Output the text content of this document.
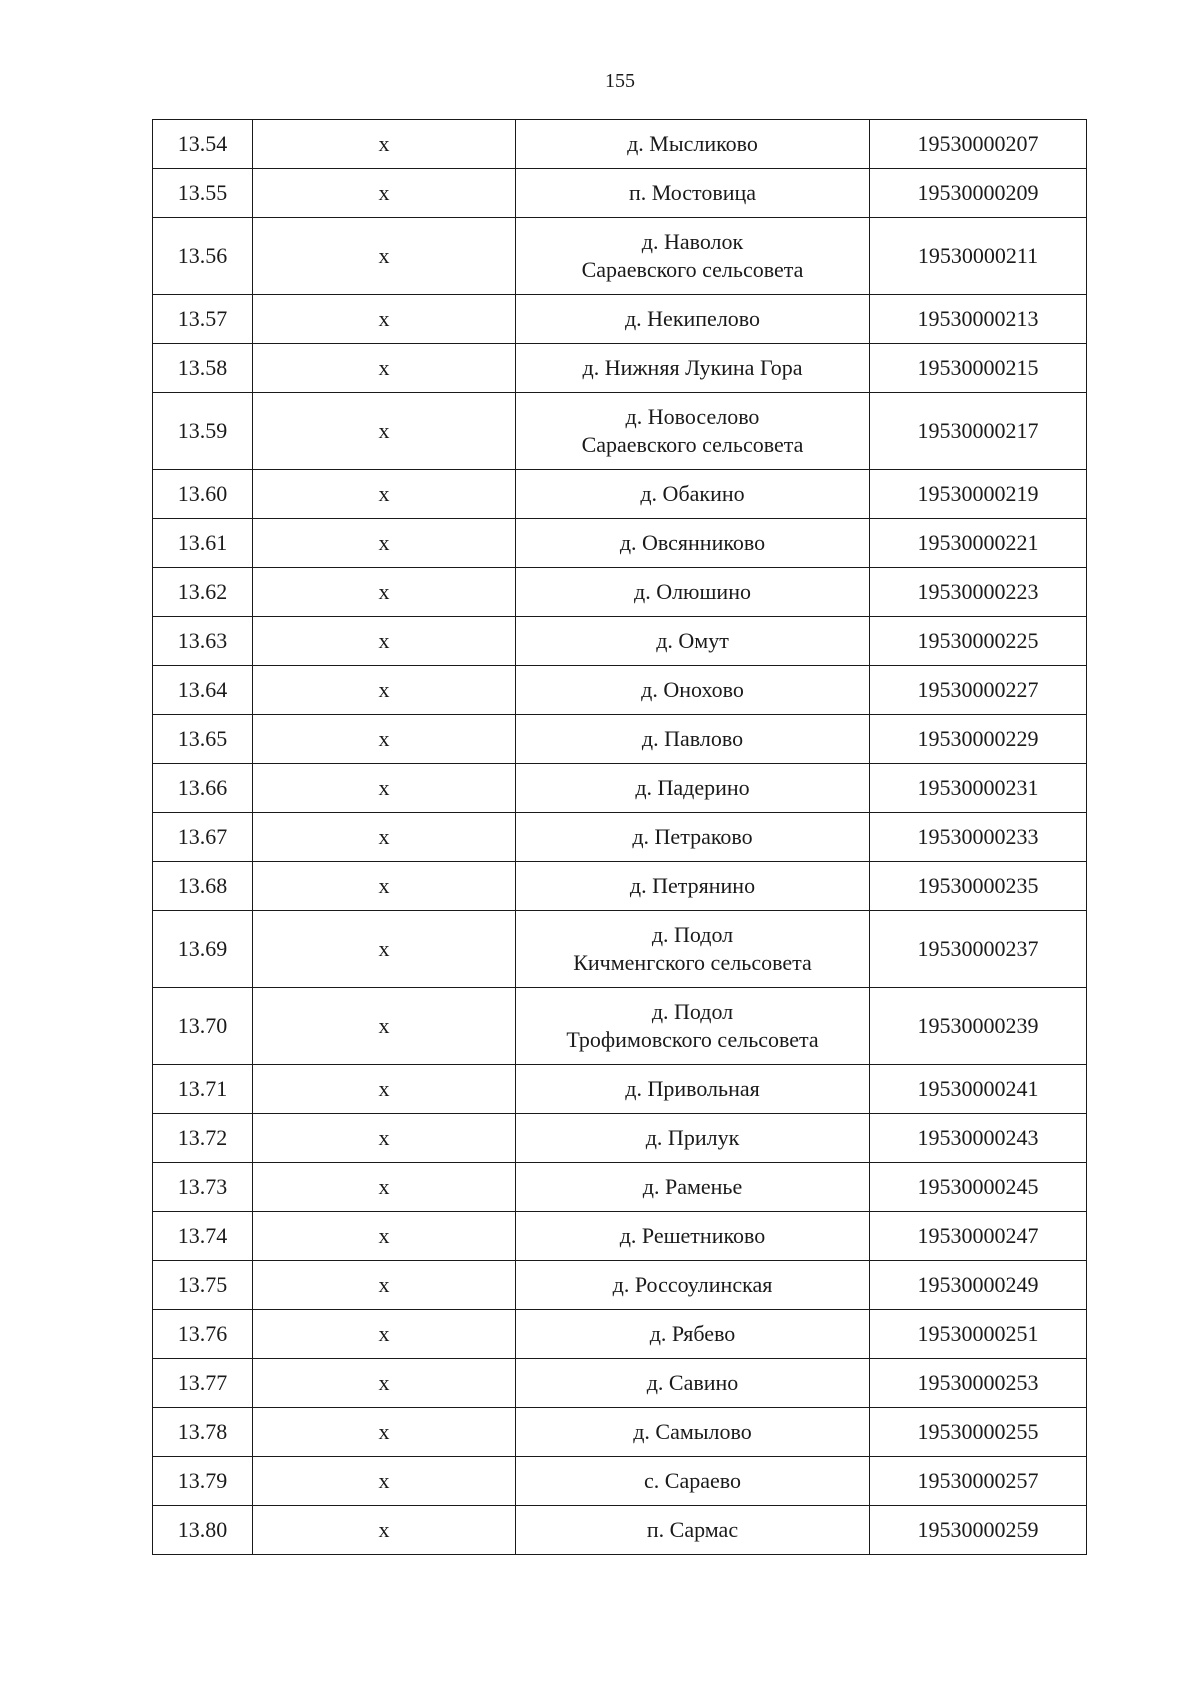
155
13.54	х	д. Мысликово	19530000207
13.55	х	п. Мостовица	19530000209
13.56	х	д. Наволок
Сараевского сельсовета	19530000211
13.57	х	д. Некипелово	19530000213
13.58	х	д. Нижняя Лукина Гора	19530000215
13.59	х	д. Новоселово
Сараевского сельсовета	19530000217
13.60	х	д. Обакино	19530000219
13.61	х	д. Овсянниково	19530000221
13.62	х	д. Олюшино	19530000223
13.63	х	д. Омут	19530000225
13.64	х	д. Онохово	19530000227
13.65	х	д. Павлово	19530000229
13.66	х	д. Падерино	19530000231
13.67	х	д. Петраково	19530000233
13.68	х	д. Петрянино	19530000235
13.69	х	д. Подол
Кичменгского сельсовета	19530000237
13.70	х	д. Подол
Трофимовского сельсовета	19530000239
13.71	х	д. Привольная	19530000241
13.72	х	д. Прилук	19530000243
13.73	х	д. Раменье	19530000245
13.74	х	д. Решетниково	19530000247
13.75	х	д. Россоулинская	19530000249
13.76	х	д. Рябево	19530000251
13.77	х	д. Савино	19530000253
13.78	х	д. Самылово	19530000255
13.79	х	с. Сараево	19530000257
13.80	х	п. Сармас	19530000259
